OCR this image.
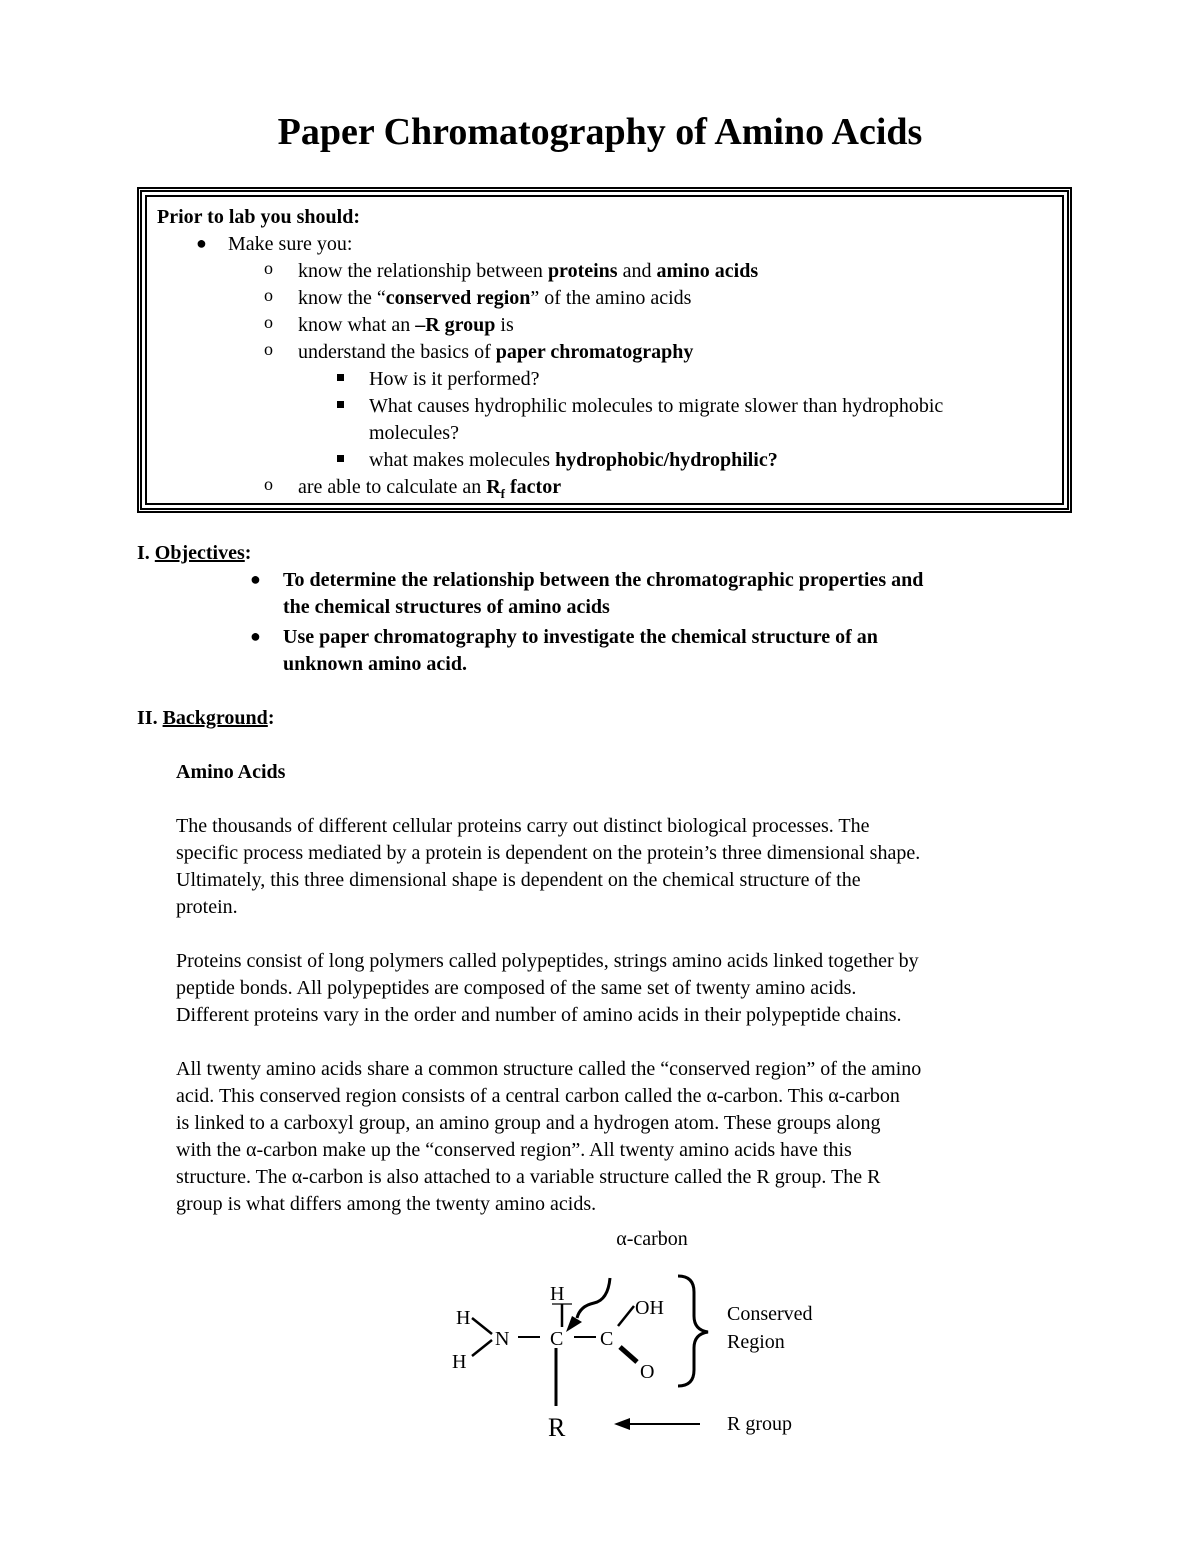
Paper Chromatography of Amino Acids
Prior to lab you should:
● Make sure you:
o know the relationship between proteins and amino acids
o know the “conserved region” of the amino acids
o know what an –R group is
o understand the basics of paper chromatography
How is it performed?
What causes hydrophilic molecules to migrate slower than hydrophobic
molecules?
what makes molecules hydrophobic/hydrophilic?
o are able to calculate an $R_f$ factor
I. Objectives:
● To determine the relationship between the chromatographic properties and
the chemical structures of amino acids
● Use paper chromatography to investigate the chemical structure of an
unknown amino acid.
II. Background:
Amino Acids
The thousands of different cellular proteins carry out distinct biological processes. The
specific process mediated by a protein is dependent on the protein’s three dimensional shape.
Ultimately, this three dimensional shape is dependent on the chemical structure of the
protein.
Proteins consist of long polymers called polypeptides, strings amino acids linked together by
peptide bonds. All polypeptides are composed of the same set of twenty amino acids.
Different proteins vary in the order and number of amino acids in their polypeptide chains.
All twenty amino acids share a common structure called the “conserved region” of the amino
acid. This conserved region consists of a central carbon called the α-carbon. This α-carbon
is linked to a carboxyl group, an amino group and a hydrogen atom. These groups along
with the α-carbon make up the “conserved region”. All twenty amino acids have this
structure. The α-carbon is also attached to a variable structure called the R group. The R
group is what differs among the twenty amino acids.
α-carbon
H
H
H
N C C
OH
O
Conserved
Region
R	R group
